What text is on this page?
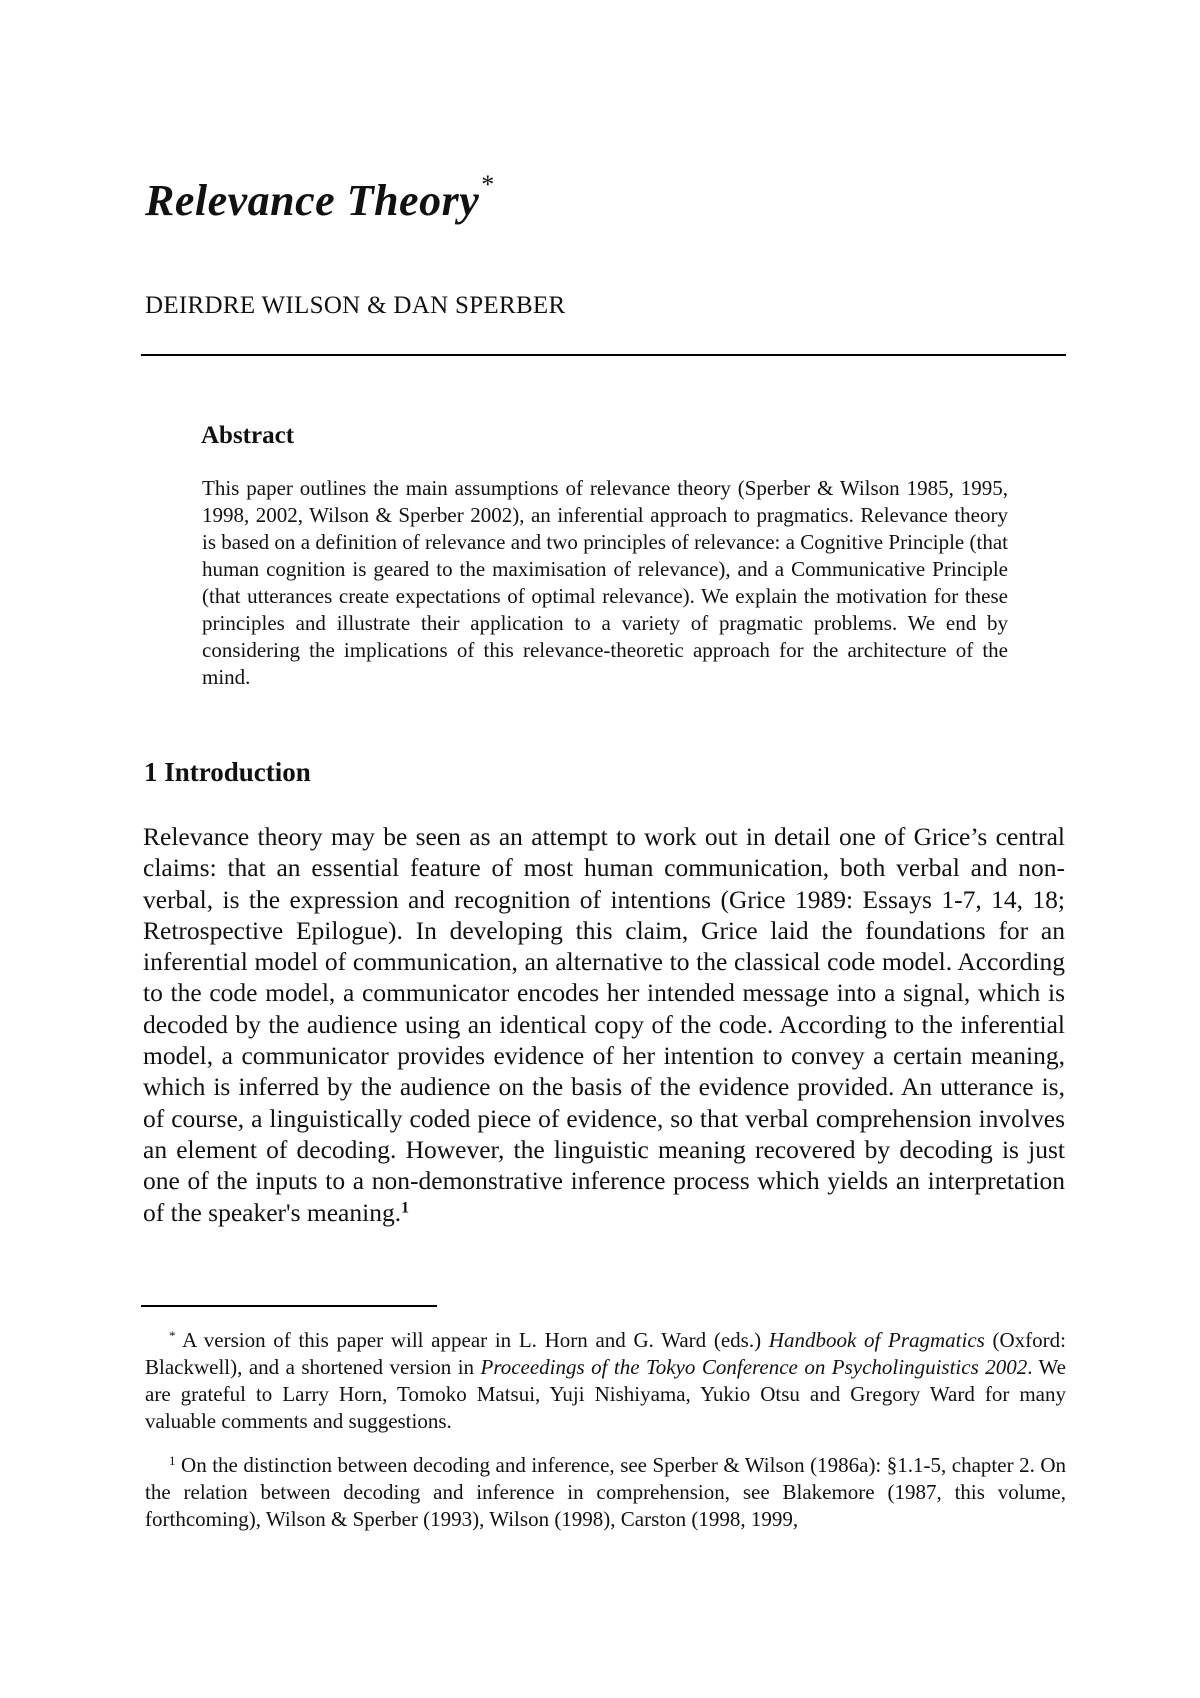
Relevance Theory*
DEIRDRE WILSON & DAN SPERBER
Abstract
This paper outlines the main assumptions of relevance theory (Sperber & Wilson 1985, 1995, 1998, 2002, Wilson & Sperber 2002), an inferential approach to pragmatics. Relevance theory is based on a definition of relevance and two principles of relevance: a Cognitive Principle (that human cognition is geared to the maximisation of relevance), and a Communicative Principle (that utterances create expectations of optimal relevance). We explain the motivation for these principles and illustrate their application to a variety of pragmatic problems. We end by considering the implications of this relevance-theoretic approach for the architecture of the mind.
1 Introduction
Relevance theory may be seen as an attempt to work out in detail one of Grice’s central claims: that an essential feature of most human communication, both verbal and non-verbal, is the expression and recognition of intentions (Grice 1989: Essays 1-7, 14, 18; Retrospective Epilogue). In developing this claim, Grice laid the foundations for an inferential model of communication, an alternative to the classical code model. According to the code model, a communicator encodes her intended message into a signal, which is decoded by the audience using an identical copy of the code. According to the inferential model, a communicator provides evidence of her intention to convey a certain meaning, which is inferred by the audience on the basis of the evidence provided. An utterance is, of course, a linguistically coded piece of evidence, so that verbal comprehension involves an element of decoding. However, the linguistic meaning recovered by decoding is just one of the inputs to a non-demonstrative inference process which yields an interpretation of the speaker's meaning.$^1$
* A version of this paper will appear in L. Horn and G. Ward (eds.) Handbook of Pragmatics (Oxford: Blackwell), and a shortened version in Proceedings of the Tokyo Conference on Psycholinguistics 2002. We are grateful to Larry Horn, Tomoko Matsui, Yuji Nishiyama, Yukio Otsu and Gregory Ward for many valuable comments and suggestions.
$^1$ On the distinction between decoding and inference, see Sperber & Wilson (1986a): §1.1-5, chapter 2. On the relation between decoding and inference in comprehension, see Blakemore (1987, this volume, forthcoming), Wilson & Sperber (1993), Wilson (1998), Carston (1998, 1999,
